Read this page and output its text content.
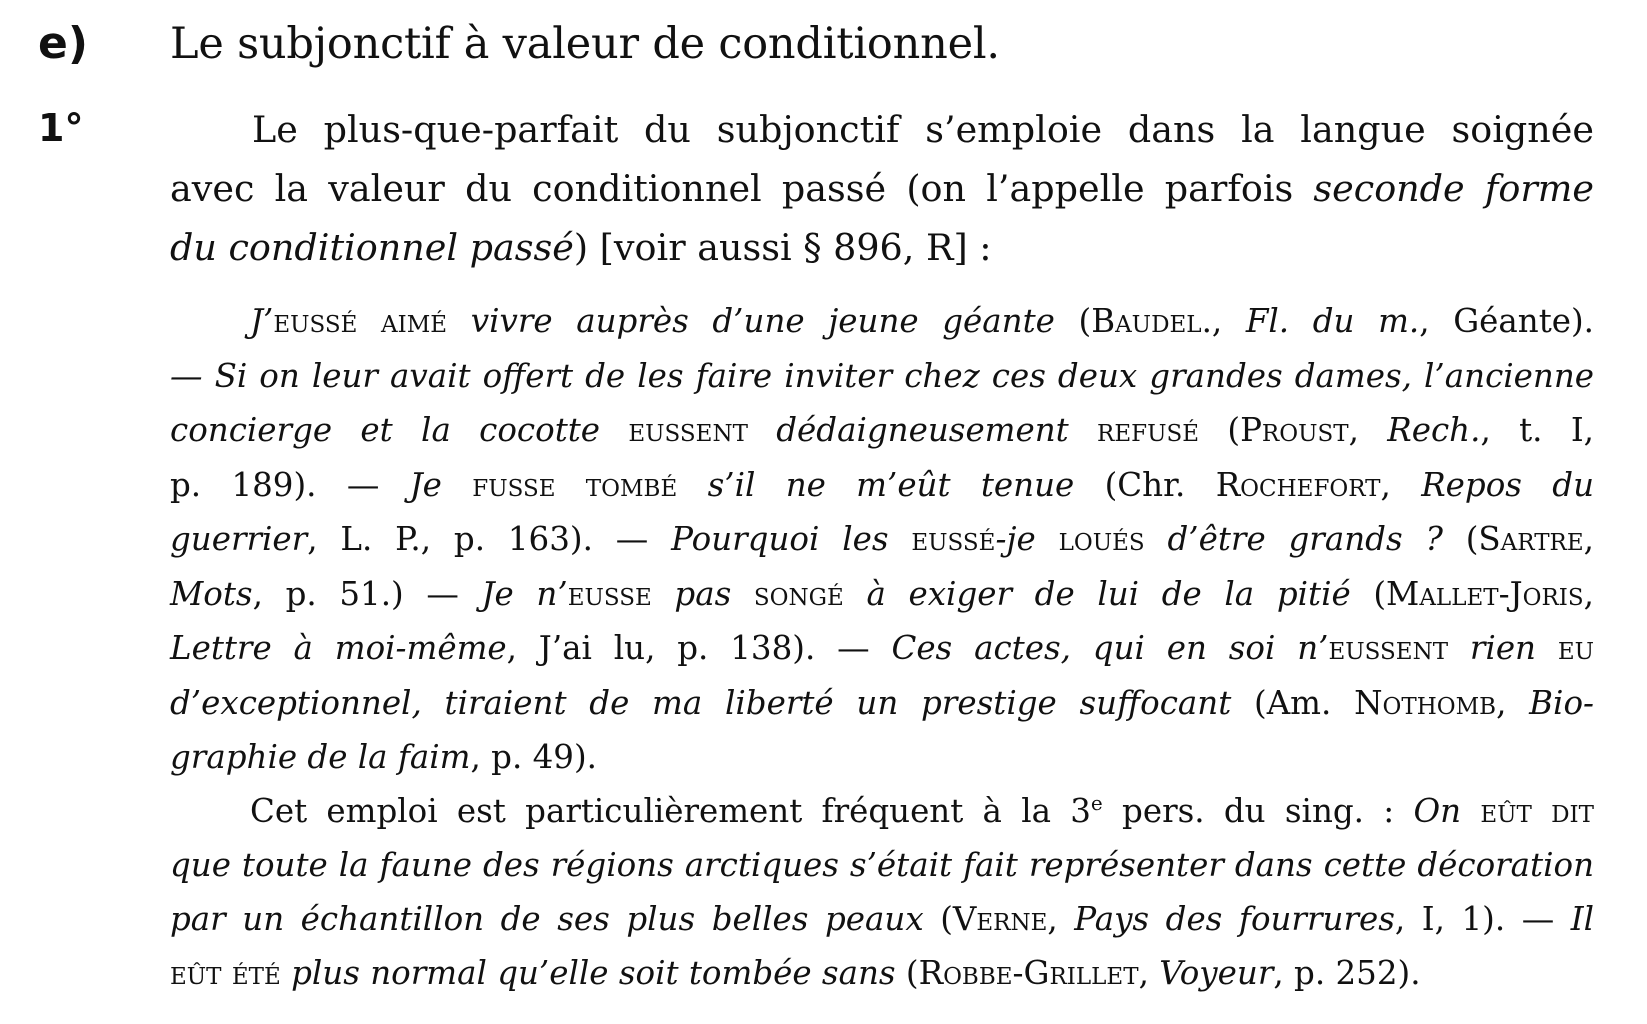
e) Le subjonctif à valeur de conditionnel.
1°	Le plus-que-parfait du subjonctif s’emploie dans la langue soignée
avec la valeur du conditionnel passé (on l’appelle parfois seconde forme
du conditionnel passé) [voir aussi § 896, R] :
J’eussé aimé vivre auprès d’une jeune géante (Baudel., Fl. du m., Géante).
— Si on leur avait offert de les faire inviter chez ces deux grandes dames, l’ancienne
concierge et la cocotte eussent dédaigneusement refusé (Proust, Rech., t. I,
p. 189). — Je fusse tombé s’il ne m’eût tenue (Chr. Rochefort, Repos du
guerrier, L. P., p. 163). — Pourquoi les eussé-je loués d’être grands ? (Sartre,
Mots, p. 51.) — Je n’eusse pas songé à exiger de lui de la pitié (Mallet-Joris,
Lettre à moi-même, J’ai lu, p. 138). — Ces actes, qui en soi n’eussent rien eu
d’exceptionnel, tiraient de ma liberté un prestige suffocant (Am. Nothomb, Bio-
graphie de la faim, p. 49).
Cet emploi est particulièrement fréquent à la 3e pers. du sing. : On eût dit
que toute la faune des régions arctiques s’était fait représenter dans cette décoration
par un échantillon de ses plus belles peaux (Verne, Pays des fourrures, I, 1). — Il
eût été plus normal qu’elle soit tombée sans (Robbe-Grillet, Voyeur, p. 252).
